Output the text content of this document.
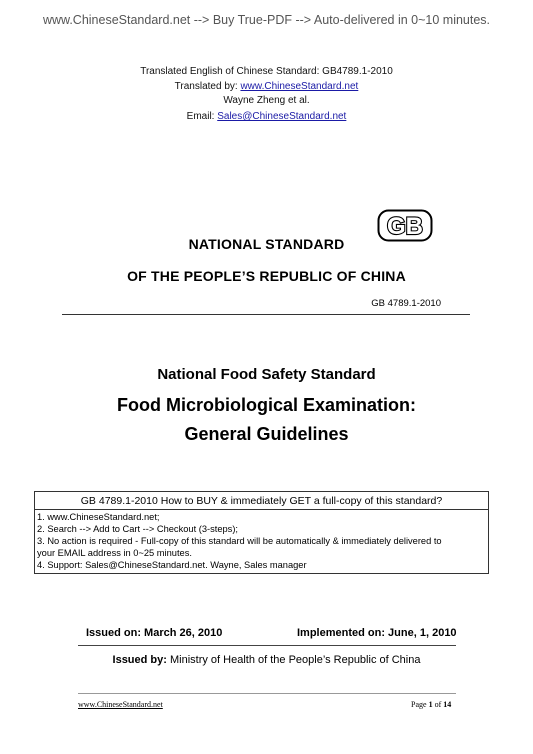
www.ChineseStandard.net --> Buy True-PDF --> Auto-delivered in 0~10 minutes.
Translated English of Chinese Standard: GB4789.1-2010
Translated by: www.ChineseStandard.net
Wayne Zheng et al.
Email: Sales@ChineseStandard.net
GB
NATIONAL STANDARD
OF THE PEOPLE’S REPUBLIC OF CHINA
GB 4789.1-2010
National Food Safety Standard
Food Microbiological Examination:
General Guidelines
GB 4789.1-2010 How to BUY & immediately GET a full-copy of this standard?
1. www.ChineseStandard.net;
2. Search --> Add to Cart --> Checkout (3-steps);
3. No action is required - Full-copy of this standard will be automatically & immediately delivered to
your EMAIL address in 0~25 minutes.
4. Support: Sales@ChineseStandard.net. Wayne, Sales manager
Issued on: March 26, 2010	Implemented on: June, 1, 2010
Issued by: Ministry of Health of the People’s Republic of China
www.ChineseStandard.net	Page 1 of 14
